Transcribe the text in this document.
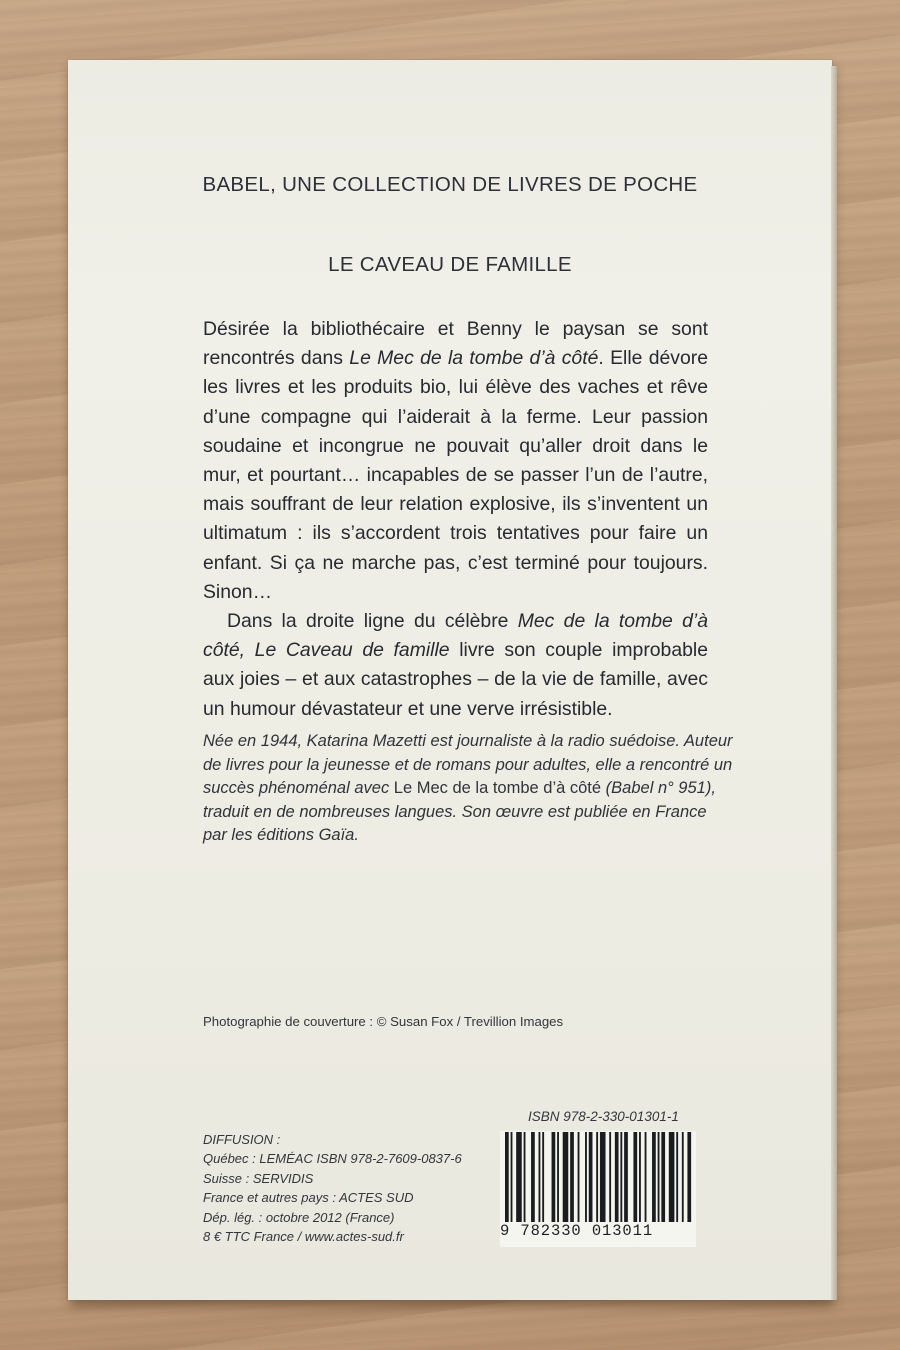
BABEL, UNE COLLECTION DE LIVRES DE POCHE
LE CAVEAU DE FAMILLE

Désirée la bibliothécaire et Benny le paysan se sont rencontrés dans Le Mec de la tombe d’à côté. Elle dévore les livres et les produits bio, lui élève des vaches et rêve d’une compagne qui l’aiderait à la ferme. Leur passion soudaine et incongrue ne pouvait qu’aller droit dans le mur, et pourtant… incapables de se passer l’un de l’autre, mais souffrant de leur relation explosive, ils s’inventent un ultimatum : ils s’accordent trois tentatives pour faire un enfant. Si ça ne marche pas, c’est terminé pour toujours. Sinon…

Dans la droite ligne du célèbre Mec de la tombe d’à côté, Le Caveau de famille livre son couple improbable aux joies – et aux catastrophes – de la vie de famille, avec un humour dévastateur et une verve irrésistible.

Née en 1944, Katarina Mazetti est journaliste à la radio suédoise. Auteur de livres pour la jeunesse et de romans pour adultes, elle a rencontré un succès phénoménal avec Le Mec de la tombe d’à côté (Babel n° 951), traduit en de nombreuses langues. Son œuvre est publiée en France par les éditions Gaïa.
Photographie de couverture : © Susan Fox / Trevillion Images
ISBN 978-2-330-01301-1
DIFFUSION :
Québec : LEMÉAC ISBN 978-2-7609-0837-6
Suisse : SERVIDIS
France et autres pays : ACTES SUD
Dép. lég. : octobre 2012 (France)
8 € TTC France / www.actes-sud.fr	9 782330 013011
